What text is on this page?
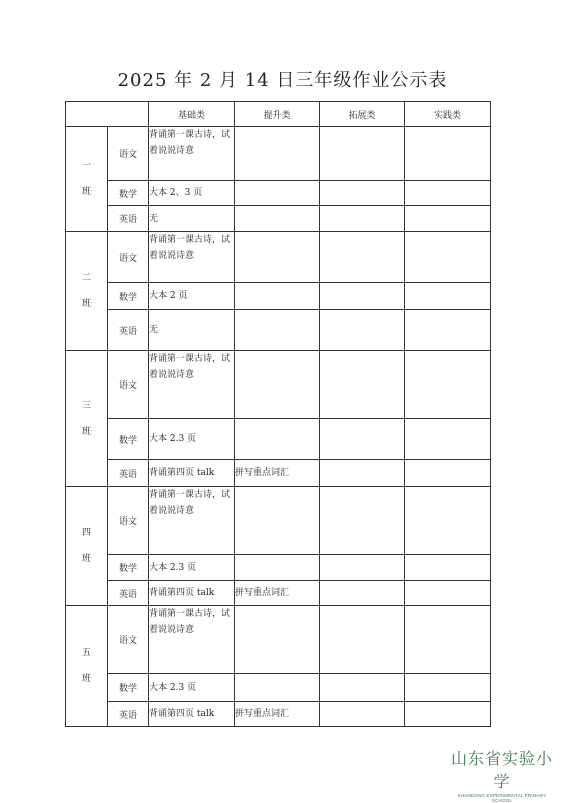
2025 年 2 月 14 日三年级作业公示表
		基础类	提升类	拓展类	实践类

一
班	语文	背诵第一课古诗，试着说说诗意			
	数学	大本 2、3 页			
	英语	无			

二
班	语文	背诵第一课古诗，试着说说诗意			
	数学	大本 2 页			
	英语	无			

三
班	语文	背诵第一课古诗，试着说说诗意			
	数学	大本 2.3 页			
	英语	背诵第四页 talk	拼写重点词汇		

四
班	语文	背诵第一课古诗，试着说说诗意			
	数学	大本 2.3 页			
	英语	背诵第四页 talk	拼写重点词汇		

五
班	语文	背诵第一课古诗，试着说说诗意			
	数学	大本 2.3 页			
	英语	背诵第四页 talk	拼写重点词汇		
山东省实验小学
SHANDONG EXPERIMENTAL PRIMARY SCHOOL
